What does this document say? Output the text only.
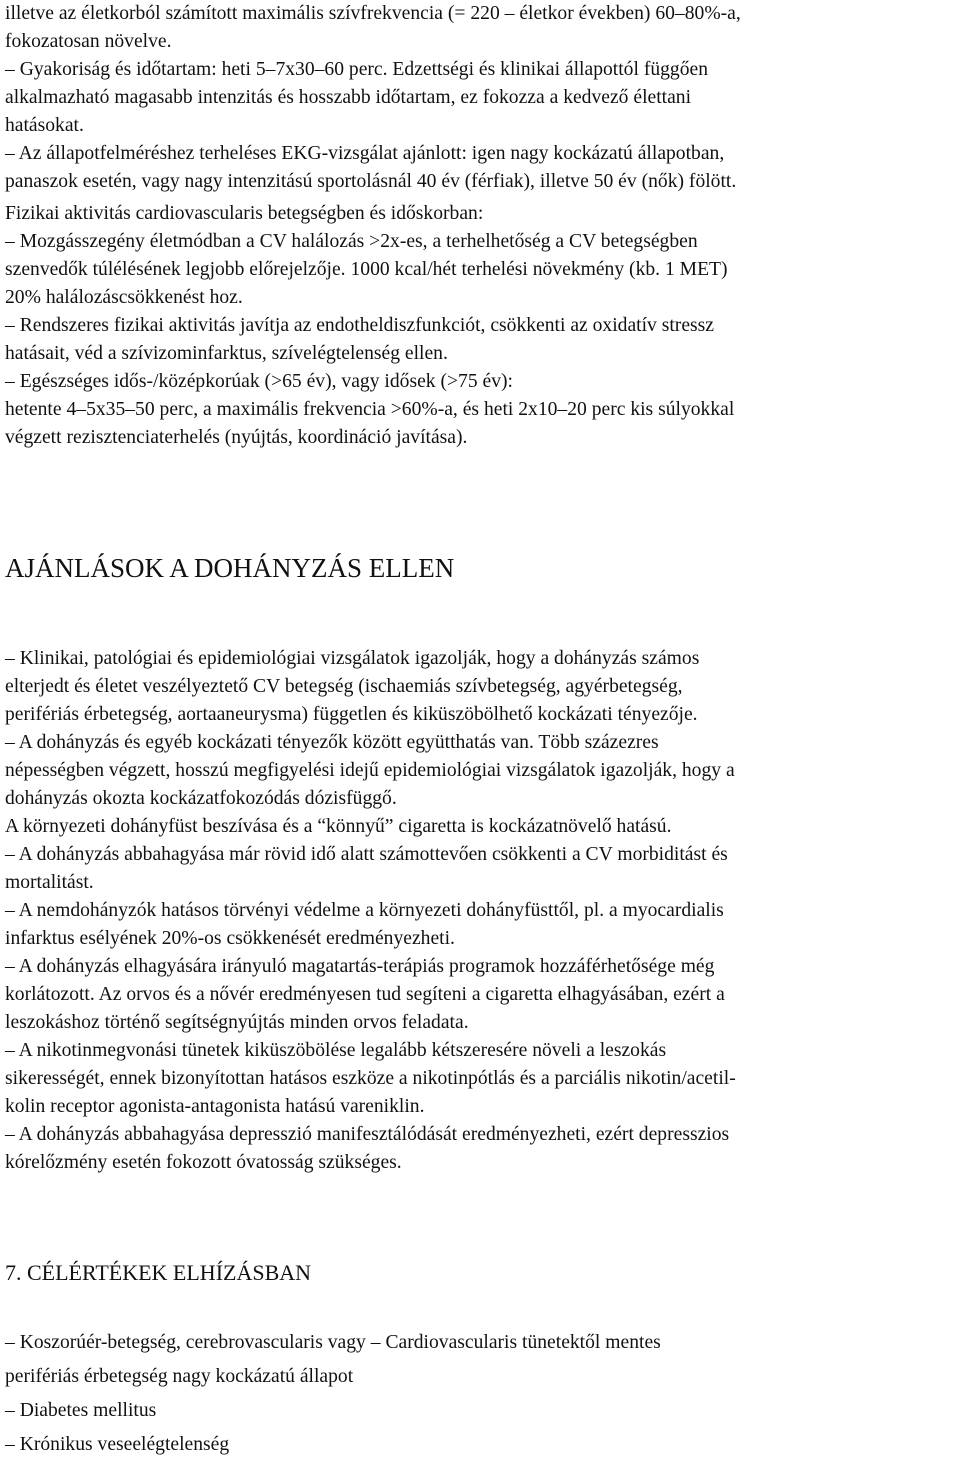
illetve az életkorból számított maximális szívfrekvencia (= 220 – életkor években) 60–80%-a,
fokozatosan növelve.
– Gyakoriság és időtartam: heti 5–7x30–60 perc. Edzettségi és klinikai állapottól függően
alkalmazható magasabb intenzitás és hosszabb időtartam, ez fokozza a kedvező élettani
hatásokat.
– Az állapotfelméréshez terheléses EKG-vizsgálat ajánlott: igen nagy kockázatú állapotban,
panaszok esetén, vagy nagy intenzitású sportolásnál 40 év (férfiak), illetve 50 év (nők) fölött.
Fizikai aktivitás cardiovascularis betegségben és időskorban:
– Mozgásszegény életmódban a CV halálozás >2x-es, a terhelhetőség a CV betegségben
szenvedők túlélésének legjobb előrejelzője. 1000 kcal/hét terhelési növekmény (kb. 1 MET)
20% halálozáscsökkenést hoz.
– Rendszeres fizikai aktivitás javítja az endotheldiszfunkciót, csökkenti az oxidatív stressz
hatásait, véd a szívizominfarktus, szívelégtelenség ellen.
– Egészséges idős-/középkorúak (>65 év), vagy idősek (>75 év):
hetente 4–5x35–50 perc, a maximális frekvencia >60%-a, és heti 2x10–20 perc kis súlyokkal
végzett rezisztenciaterhelés (nyújtás, koordináció javítása).
AJÁNLÁSOK A DOHÁNYZÁS ELLEN
– Klinikai, patológiai és epidemiológiai vizsgálatok igazolják, hogy a dohányzás számos
elterjedt és életet veszélyeztető CV betegség (ischaemiás szívbetegség, agyérbetegség,
perifériás érbetegség, aortaaneurysma) független és kiküszöbölhető kockázati tényezője.
– A dohányzás és egyéb kockázati tényezők között együtthatás van. Több százezres
népességben végzett, hosszú megfigyelési idejű epidemiológiai vizsgálatok igazolják, hogy a
dohányzás okozta kockázatfokozódás dózisfüggő.
A környezeti dohányfüst beszívása és a “könnyű” cigaretta is kockázatnövelő hatású.
– A dohányzás abbahagyása már rövid idő alatt számottevően csökkenti a CV morbiditást és
mortalitást.
– A nemdohányzók hatásos törvényi védelme a környezeti dohányfüsttől, pl. a myocardialis
infarktus esélyének 20%-os csökkenését eredményezheti.
– A dohányzás elhagyására irányuló magatartás-terápiás programok hozzáférhetősége még
korlátozott. Az orvos és a nővér eredményesen tud segíteni a cigaretta elhagyásában, ezért a
leszokáshoz történő segítségnyújtás minden orvos feladata.
– A nikotinmegvonási tünetek kiküszöbölése legalább kétszeresére növeli a leszokás
sikerességét, ennek bizonyítottan hatásos eszköze a nikotinpótlás és a parciális nikotin/acetil-
kolin receptor agonista-antagonista hatású vareniklin.
– A dohányzás abbahagyása depresszió manifesztálódását eredményezheti, ezért depresszios
kórelőzmény esetén fokozott óvatosság szükséges.
7. CÉLÉRTÉKEK ELHÍZÁSBAN
– Koszorúér-betegség, cerebrovascularis vagy – Cardiovascularis tünetektől mentes
perifériás érbetegség nagy kockázatú állapot
– Diabetes mellitus
– Krónikus veseelégtelenség
